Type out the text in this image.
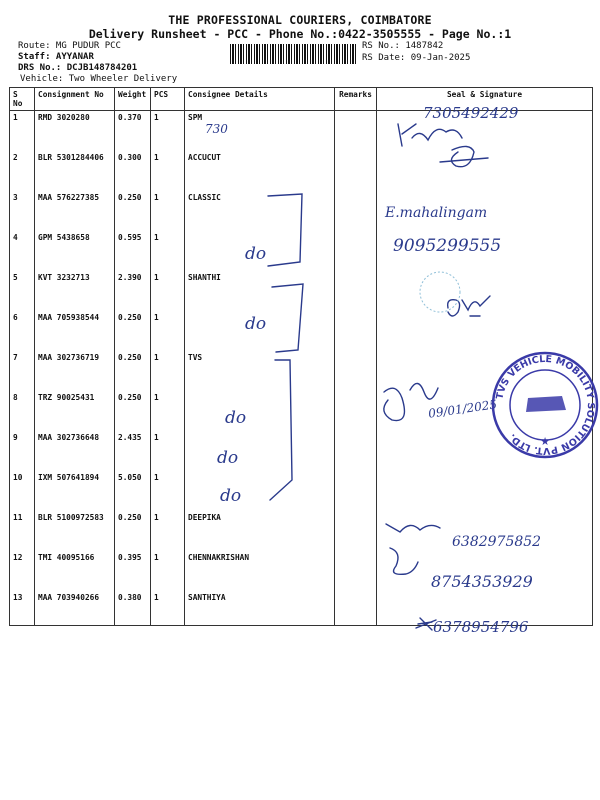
THE PROFESSIONAL COURIERS, COIMBATORE
Delivery Runsheet - PCC - Phone No.:0422-3505555 - Page No.:1
Route: MG PUDUR PCC
Staff: AYYANAR
DRS No.: DCJB148784201
Vehicle: Two Wheeler Delivery
RS No.: 1487842
RS Date: 09-Jan-2025
S No	Consignment No	Weight	PCS	Consignee Details	Remarks	Seal & Signature
1	RMD 3020280	0.370	1	SPM		
2	BLR 5301284406	0.300	1	ACCUCUT		
3	MAA 576227385	0.250	1	CLASSIC		
4	GPM 5438658	0.595	1			
5	KVT 3232713	2.390	1	SHANTHI		
6	MAA 705938544	0.250	1			
7	MAA 302736719	0.250	1	TVS		
8	TRZ 90025431	0.250	1			
9	MAA 302736648	2.435	1			
10	IXM 507641894	5.050	1			
11	BLR 5100972583	0.250	1	DEEPIKA		
12	TMI 40095166	0.395	1	CHENNAKRISHAN		
13	MAA 703940266	0.380	1	SANTHIYA		
7305492429
730
E.mahalingam
9095299555
do
do
do
do
do
09/01/2025
6382975852
8754353929
6378954796
TVS VEHICLE MOBILITY SOLUTION PVT. LTD.	★
